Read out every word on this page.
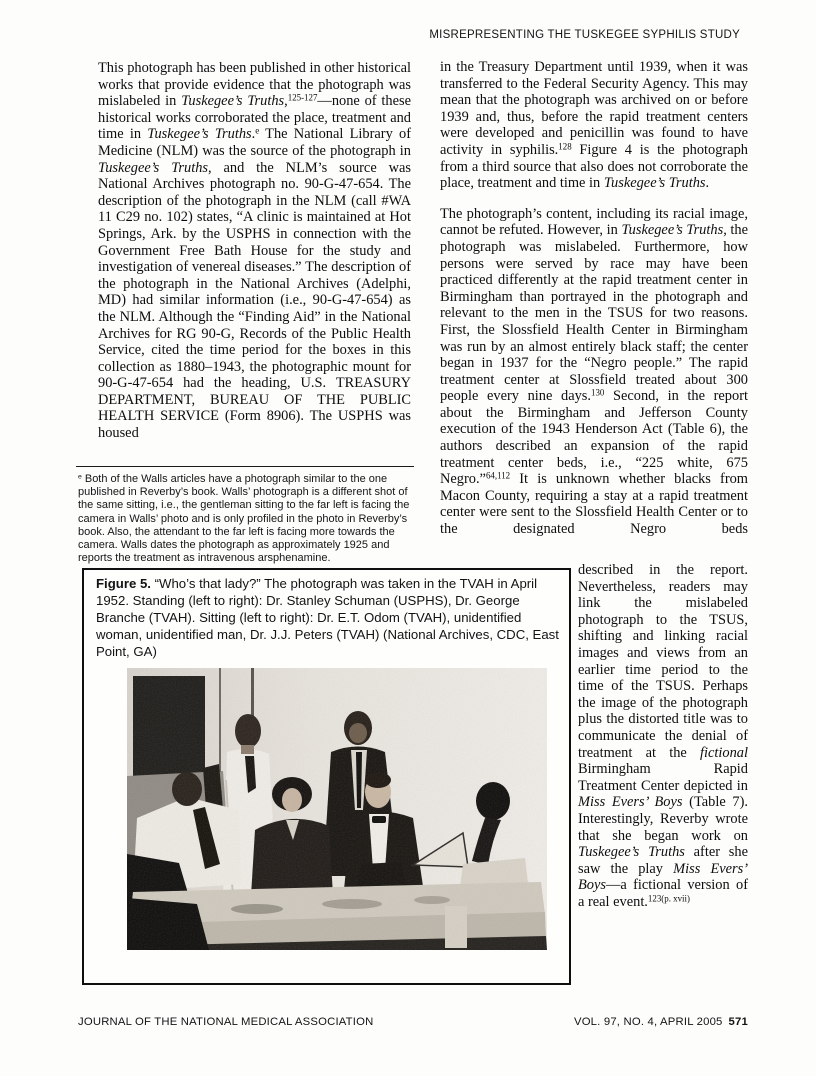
MISREPRESENTING THE TUSKEGEE SYPHILIS STUDY
This photograph has been published in other historical works that provide evidence that the photograph was mislabeled in Tuskegee’s Truths,$^{125-127}$—none of these historical works corroborated the place, treatment and time in Tuskegee’s Truths.$^e$ The National Library of Medicine (NLM) was the source of the photograph in Tuskegee’s Truths, and the NLM’s source was National Archives photograph no. 90-G-47-654. The description of the photograph in the NLM (call #WA 11 C29 no. 102) states, “A clinic is maintained at Hot Springs, Ark. by the USPHS in connection with the Government Free Bath House for the study and investigation of venereal diseases.” The description of the photograph in the National Archives (Adelphi, MD) had similar information (i.e., 90-G-47-654) as the NLM. Although the “Finding Aid” in the National Archives for RG 90-G, Records of the Public Health Service, cited the time period for the boxes in this collection as 1880–1943, the photographic mount for 90-G-47-654 had the heading, U.S. TREASURY DEPARTMENT, BUREAU OF THE PUBLIC HEALTH SERVICE (Form 8906). The USPHS was housed

in the Treasury Department until 1939, when it was transferred to the Federal Security Agency. This may mean that the photograph was archived on or before 1939 and, thus, before the rapid treatment centers were developed and penicillin was found to have activity in syphilis.$^{128}$ Figure 4 is the photograph from a third source that also does not corroborate the place, treatment and time in Tuskegee’s Truths.

The photograph’s content, including its racial image, cannot be refuted. However, in Tuskegee’s Truths, the photograph was mislabeled. Furthermore, how persons were served by race may have been practiced differently at the rapid treatment center in Birmingham than portrayed in the photograph and relevant to the men in the TSUS for two reasons. First, the Slossfield Health Center in Birmingham was run by an almost entirely black staff; the center began in 1937 for the “Negro people.” The rapid treatment center at Slossfield treated about 300 people every nine days.$^{130}$ Second, in the report about the Birmingham and Jefferson County execution of the 1943 Henderson Act (Table 6), the authors described an expansion of the rapid treatment center beds, i.e., “225 white, 675 Negro.”$^{64,112}$ It is unknown whether blacks from Macon County, requiring a stay at a rapid treatment center were sent to the Slossfield Health Center or to the designated Negro beds

described in the report. Nevertheless, readers may link the mislabeled photograph to the TSUS, shifting and linking racial images and views from an earlier time period to the time of the TSUS. Perhaps the image of the photograph plus the distorted title was to communicate the denial of treatment at the fictional Birmingham Rapid Treatment Center depicted in Miss Evers’ Boys (Table 7). Interestingly, Reverby wrote that she began work on Tuskegee’s Truths after she saw the play Miss Evers’ Boys—a fictional version of a real event.$^{123(p. xvii)}$
$^e$ Both of the Walls articles have a photograph similar to the one published in Reverby’s book. Walls’ photograph is a different shot of the same sitting, i.e., the gentleman sitting to the far left is facing the camera in Walls’ photo and is only profiled in the photo in Reverby’s book. Also, the attendant to the far left is facing more towards the camera. Walls dates the photograph as approximately 1925 and reports the treatment as intravenous arsphenamine.
Figure 5. “Who’s that lady?” The photograph was taken in the TVAH in April 1952. Standing (left to right): Dr. Stanley Schuman (USPHS), Dr. George Branche (TVAH). Sitting (left to right): Dr. E.T. Odom (TVAH), unidentified woman, unidentified man, Dr. J.J. Peters (TVAH) (National Archives, CDC, East Point, GA)
JOURNAL OF THE NATIONAL MEDICAL ASSOCIATION	VOL. 97, NO. 4, APRIL 2005 571
